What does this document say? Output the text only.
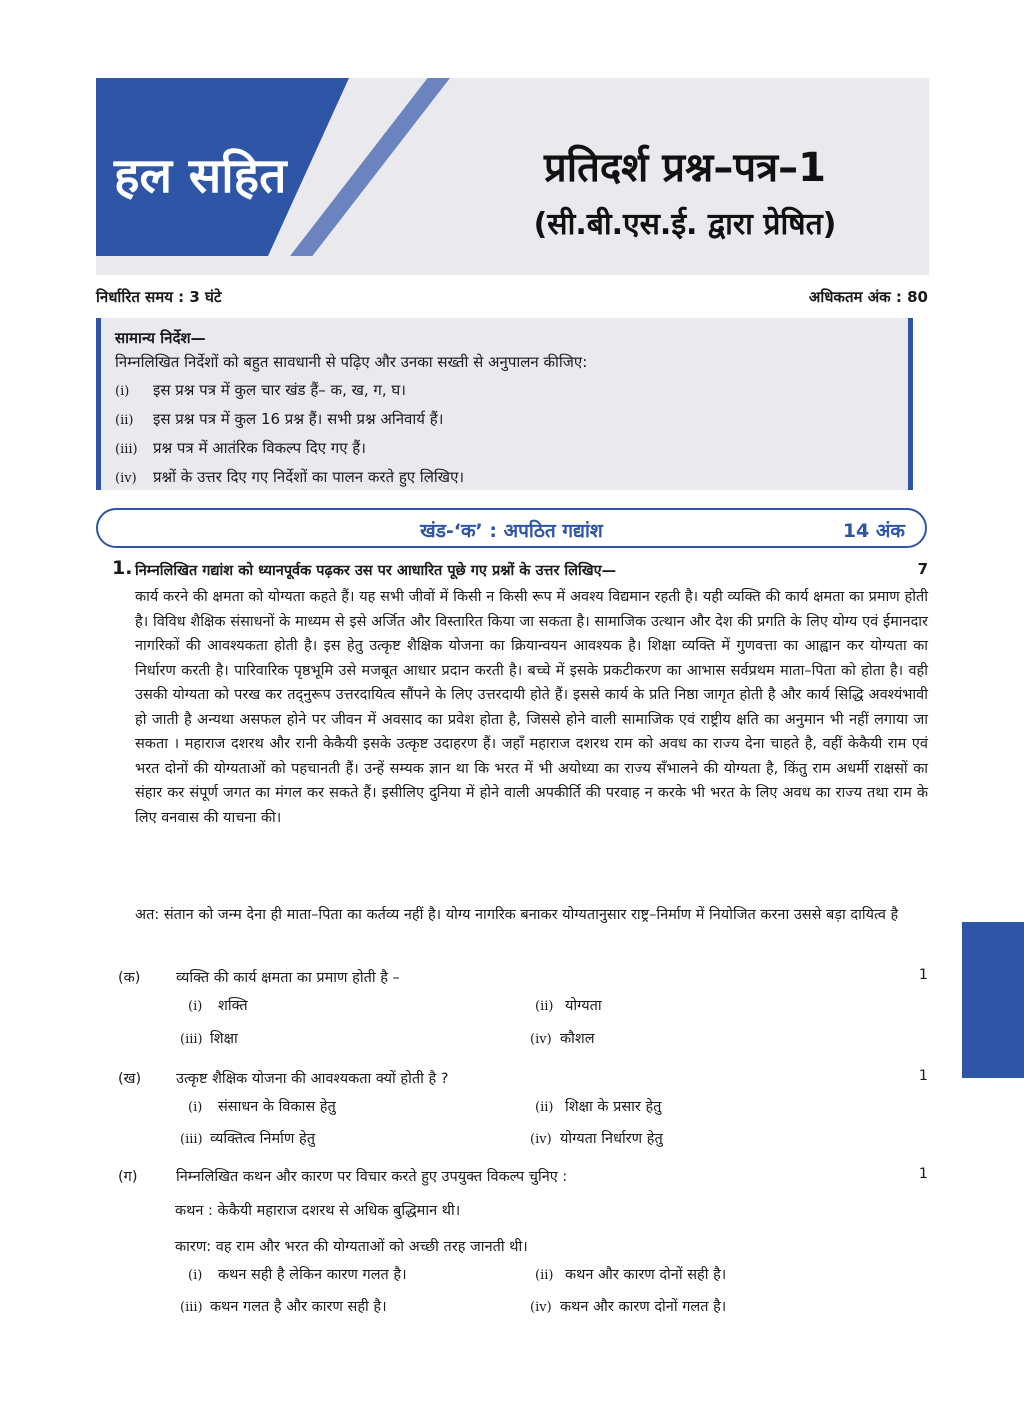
हल सहित	प्रतिदर्श प्रश्न–पत्र–1
(सी.बी.एस.ई. द्वारा प्रेषित)
निर्धारित समय : 3 घंटे	अधिकतम अंक : 80
सामान्य निर्देश—
निम्नलिखित निर्देशों को बहुत सावधानी से पढ़िए और उनका सख्ती से अनुपालन कीजिए:
(i) इस प्रश्न पत्र में कुल चार खंड हैं– क, ख, ग, घ।
(ii) इस प्रश्न पत्र में कुल 16 प्रश्न हैं। सभी प्रश्न अनिवार्य हैं।
(iii) प्रश्न पत्र में आतंरिक विकल्प दिए गए हैं।
(iv) प्रश्नों के उत्तर दिए गए निर्देशों का पालन करते हुए लिखिए।
खंड-‘क’ : अपठित गद्यांश	14 अंक
1. निम्नलिखित गद्यांश को ध्यानपूर्वक पढ़कर उस पर आधारित पूछे गए प्रश्नों के उत्तर लिखिए—	7

कार्य करने की क्षमता को योग्यता कहते हैं। यह सभी जीवों में किसी न किसी रूप में अवश्य विद्यमान रहती है। यही व्यक्ति की कार्य क्षमता का प्रमाण होती है। विविध शैक्षिक संसाधनों के माध्यम से इसे अर्जित और विस्तारित किया जा सकता है। सामाजिक उत्थान और देश की प्रगति के लिए योग्य एवं ईमानदार नागरिकों की आवश्यकता होती है। इस हेतु उत्कृष्ट शैक्षिक योजना का क्रियान्वयन आवश्यक है। शिक्षा व्यक्ति में गुणवत्ता का आह्वान कर योग्यता का निर्धारण करती है। पारिवारिक पृष्ठभूमि उसे मजबूत आधार प्रदान करती है। बच्चे में इसके प्रकटीकरण का आभास सर्वप्रथम माता–पिता को होता है। वही उसकी योग्यता को परख कर तद्नुरूप उत्तरदायित्व सौंपने के लिए उत्तरदायी होते हैं। इससे कार्य के प्रति निष्ठा जागृत होती है और कार्य सिद्धि अवश्यंभावी हो जाती है अन्यथा असफल होने पर जीवन में अवसाद का प्रवेश होता है, जिससे होने वाली सामाजिक एवं राष्ट्रीय क्षति का अनुमान भी नहीं लगाया जा सकता । महाराज दशरथ और रानी केकैयी इसके उत्कृष्ट उदाहरण हैं। जहाँ महाराज दशरथ राम को अवध का राज्य देना चाहते है, वहीं केकैयी राम एवं भरत दोनों की योग्यताओं को पहचानती हैं। उन्हें सम्यक ज्ञान था कि भरत में भी अयोध्या का राज्य सँभालने की योग्यता है, किंतु राम अधर्मी राक्षसों का संहार कर संपूर्ण जगत का मंगल कर सकते हैं। इसीलिए दुनिया में होने वाली अपकीर्ति की परवाह न करके भी भरत के लिए अवध का राज्य तथा राम के लिए वनवास की याचना की।

अत: संतान को जन्म देना ही माता–पिता का कर्तव्य नहीं है। योग्य नागरिक बनाकर योग्यतानुसार राष्ट्र–निर्माण में नियोजित करना उससे बड़ा दायित्व है

(क) व्यक्ति की कार्य क्षमता का प्रमाण होती है –	1
(i) शक्ति	(ii) योग्यता
(iii) शिक्षा	(iv) कौशल
(ख) उत्कृष्ट शैक्षिक योजना की आवश्यकता क्यों होती है ?	1
(i) संसाधन के विकास हेतु	(ii) शिक्षा के प्रसार हेतु
(iii) व्यक्तित्व निर्माण हेतु	(iv) योग्यता निर्धारण हेतु
(ग)	निम्नलिखित कथन और कारण पर विचार करते हुए उपयुक्त विकल्प चुनिए :	1
कथन : केकैयी महाराज दशरथ से अधिक बुद्धिमान थी।
कारण: वह राम और भरत की योग्यताओं को अच्छी तरह जानती थी।
(i) कथन सही है लेकिन कारण गलत है।	(ii) कथन और कारण दोनों सही है।
(iii) कथन गलत है और कारण सही है।	(iv) कथन और कारण दोनों गलत है।
